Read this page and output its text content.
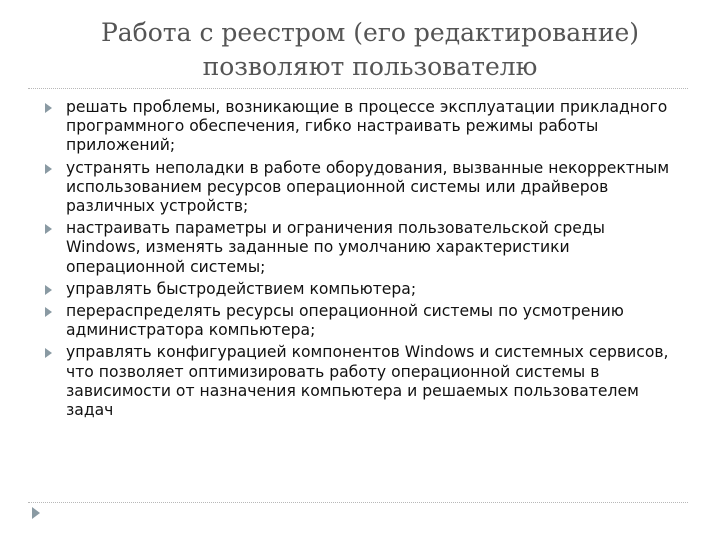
Работа с реестром (его редактирование)
позволяют пользователю
решать проблемы, возникающие в процессе эксплуатации прикладного программного обеспечения, гибко настраивать режимы работы приложений;
устранять неполадки в работе оборудования, вызванные некорректным использованием ресурсов операционной системы или драйверов различных устройств;
настраивать параметры и ограничения пользовательской среды Windows, изменять заданные по умолчанию характеристики операционной системы;
управлять быстродействием компьютера;
перераспределять ресурсы операционной системы по усмотрению администратора компьютера;
управлять конфигурацией компонентов Windows и системных сервисов, что позволяет оптимизировать работу операционной системы в зависимости от назначения компьютера и решаемых пользователем задач
